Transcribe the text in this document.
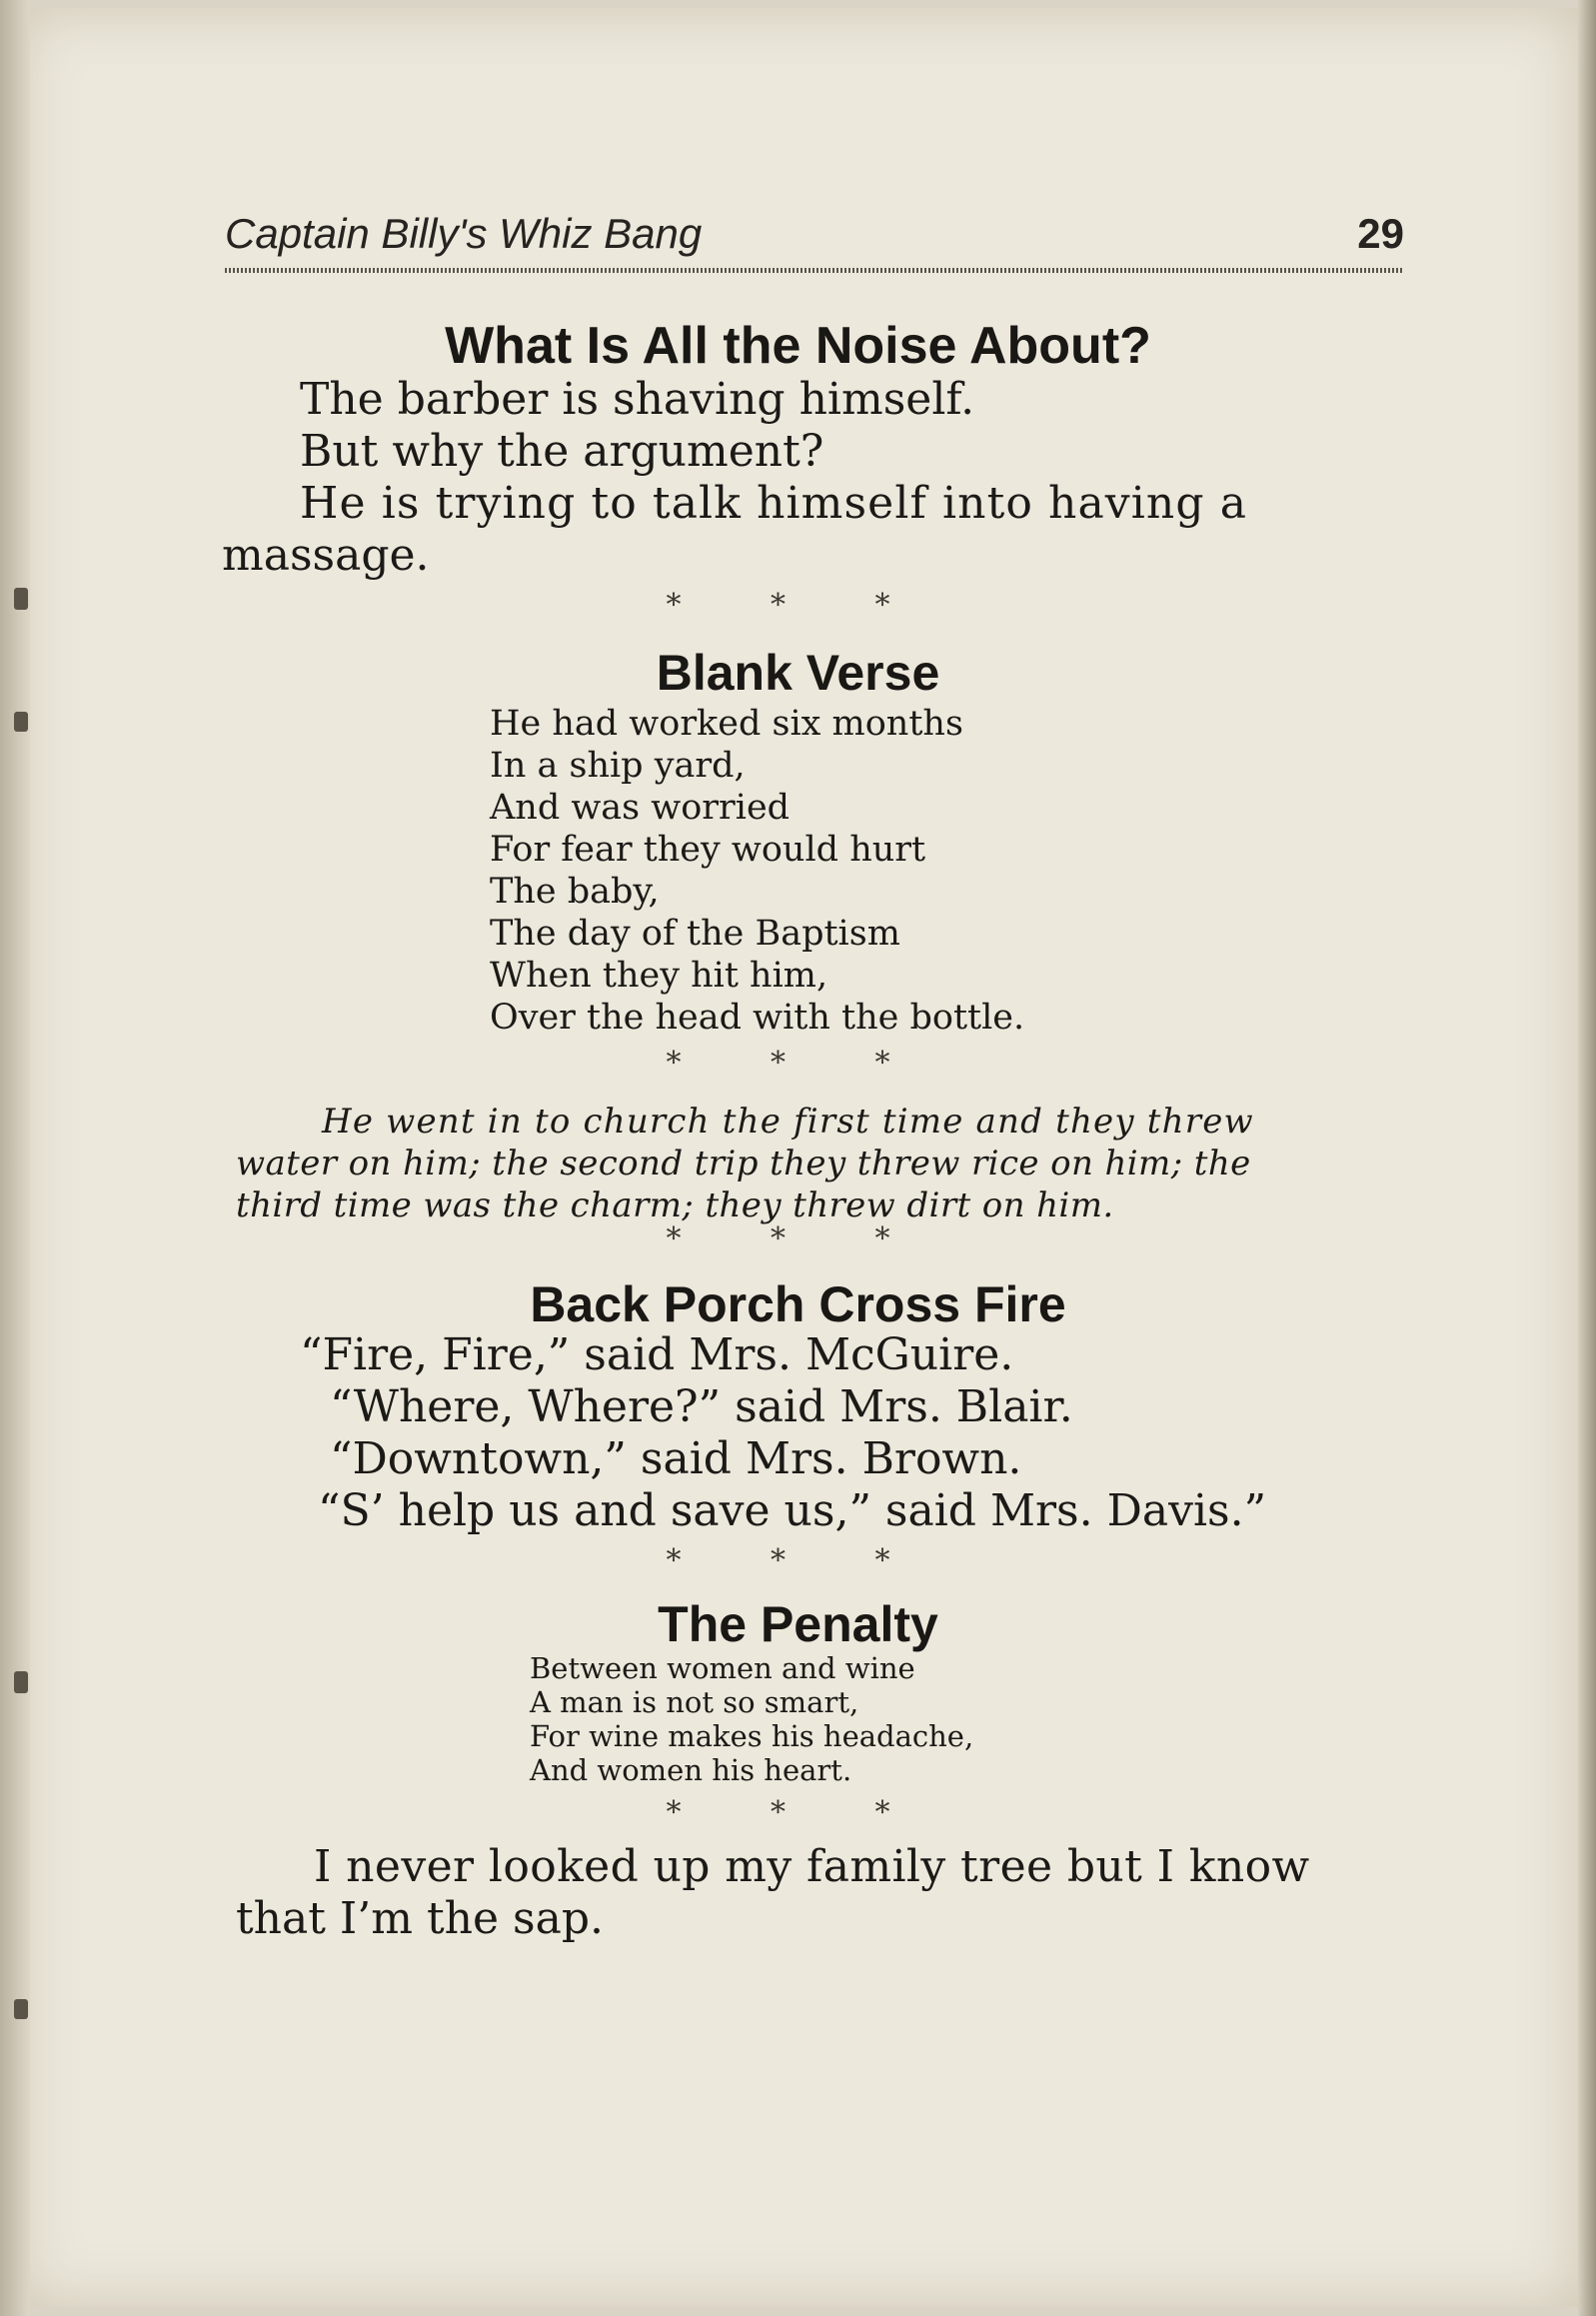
Captain Billy's Whiz Bang	29
What Is All the Noise About?
The barber is shaving himself.
But why the argument?
He is trying to talk himself into having a
massage.
* * *
Blank Verse
He had worked six months
In a ship yard,
And was worried
For fear they would hurt
The baby,
The day of the Baptism
When they hit him,
Over the head with the bottle.
* * *
He went in to church the first time and they threw
water on him; the second trip they threw rice on him; the
third time was the charm; they threw dirt on him.
* * *
Back Porch Cross Fire
“Fire, Fire,” said Mrs. McGuire.
“Where, Where?” said Mrs. Blair.
“Downtown,” said Mrs. Brown.
“S’ help us and save us,” said Mrs. Davis.”
* * *
The Penalty
Between women and wine
A man is not so smart,
For wine makes his headache,
And women his heart.
* * *
I never looked up my family tree but I know
that I’m the sap.
